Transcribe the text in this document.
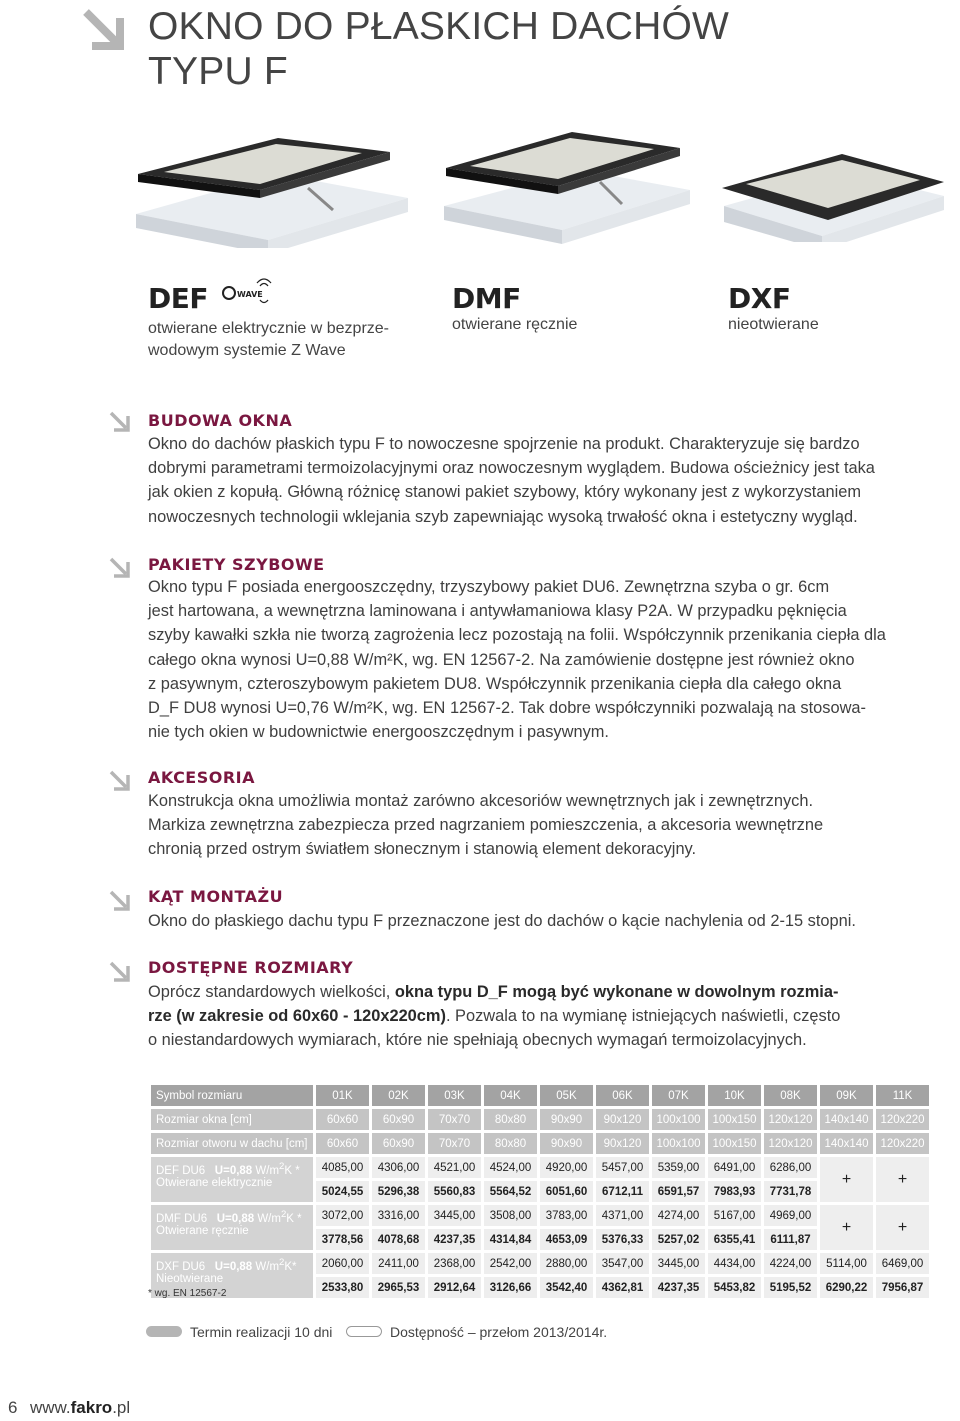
OKNO DO PŁASKICH DACHÓW
TYPU F
DEF	WAVE
otwierane elektrycznie w bezprze-
wodowym systemie Z Wave
DMF
otwierane ręcznie
DXF
nieotwierane
BUDOWA OKNA
Okno do dachów płaskich typu F to nowoczesne spojrzenie na produkt. Charakteryzuje się bardzo
dobrymi parametrami termoizolacyjnymi oraz nowoczesnym wyglądem. Budowa ościeżnicy jest taka
jak okien z kopułą. Główną różnicę stanowi pakiet szybowy, który wykonany jest z wykorzystaniem
nowoczesnych technologii wklejania szyb zapewniając wysoką trwałość okna i estetyczny wygląd.
PAKIETY SZYBOWE
Okno typu F posiada energooszczędny, trzyszybowy pakiet DU6. Zewnętrzna szyba o gr. 6cm
jest hartowana, a wewnętrzna laminowana i antywłamaniowa klasy P2A. W przypadku pęknięcia
szyby kawałki szkła nie tworzą zagrożenia lecz pozostają na folii. Współczynnik przenikania ciepła dla
całego okna wynosi U=0,88 W/m²K, wg. EN 12567-2. Na zamówienie dostępne jest również okno
z pasywnym, czteroszybowym pakietem DU8. Współczynnik przenikania ciepła dla całego okna
D_F DU8 wynosi U=0,76 W/m²K, wg. EN 12567-2. Tak dobre współczynniki pozwalają na stosowa-
nie tych okien w budownictwie energooszczędnym i pasywnym.
AKCESORIA
Konstrukcja okna umożliwia montaż zarówno akcesoriów wewnętrznych jak i zewnętrznych.
Markiza zewnętrzna zabezpiecza przed nagrzaniem pomieszczenia, a akcesoria wewnętrzne
chronią przed ostrym światłem słonecznym i stanowią element dekoracyjny.
KĄT MONTAŻU
Okno do płaskiego dachu typu F przeznaczone jest do dachów o kącie nachylenia od 2-15 stopni.
DOSTĘPNE ROZMIARY
Oprócz standardowych wielkości, okna typu D_F mogą być wykonane w dowolnym rozmia-
rze (w zakresie od 60x60 - 120x220cm). Pozwala to na wymianę istniejących naświetli, często
o niestandardowych wymiarach, które nie spełniają obecnych wymagań termoizolacyjnych.
Symbol rozmiaru	01K	02K	03K	04K	05K	06K	07K	10K	08K	09K	11K
Rozmiar okna [cm]	60x60	60x90	70x70	80x80	90x90	90x120	100x100	100x150	120x120	140x140	120x220
Rozmiar otworu w dachu [cm]	60x60	60x90	70x70	80x80	90x90	90x120	100x100	100x150	120x120	140x140	120x220
DEF DU6 U=0,88 $W/m^2K$ *
Otwierane elektrycznie	4085,00	4306,00	4521,00	4524,00	4920,00	5457,00	5359,00	6491,00	6286,00	+	+
	5024,55	5296,38	5560,83	5564,52	6051,60	6712,11	6591,57	7983,93	7731,78		
DMF DU6 U=0,88 $W/m^2K$ *
Otwierane ręcznie	3072,00	3316,00	3445,00	3508,00	3783,00	4371,00	4274,00	5167,00	4969,00	+	+
	3778,56	4078,68	4237,35	4314,84	4653,09	5376,33	5257,02	6355,41	6111,87		
DXF DU6 U=0,88 $W/m^2K*$
Nieotwierane	2060,00	2411,00	2368,00	2542,00	2880,00	3547,00	3445,00	4434,00	4224,00	5114,00	6469,00
	2533,80	2965,53	2912,64	3126,66	3542,40	4362,81	4237,35	5453,82	5195,52	6290,22	7956,87
* wg. EN 12567-2
Termin realizacji 10 dni	Dostępność – przełom 2013/2014r.
6 www.fakro.pl
